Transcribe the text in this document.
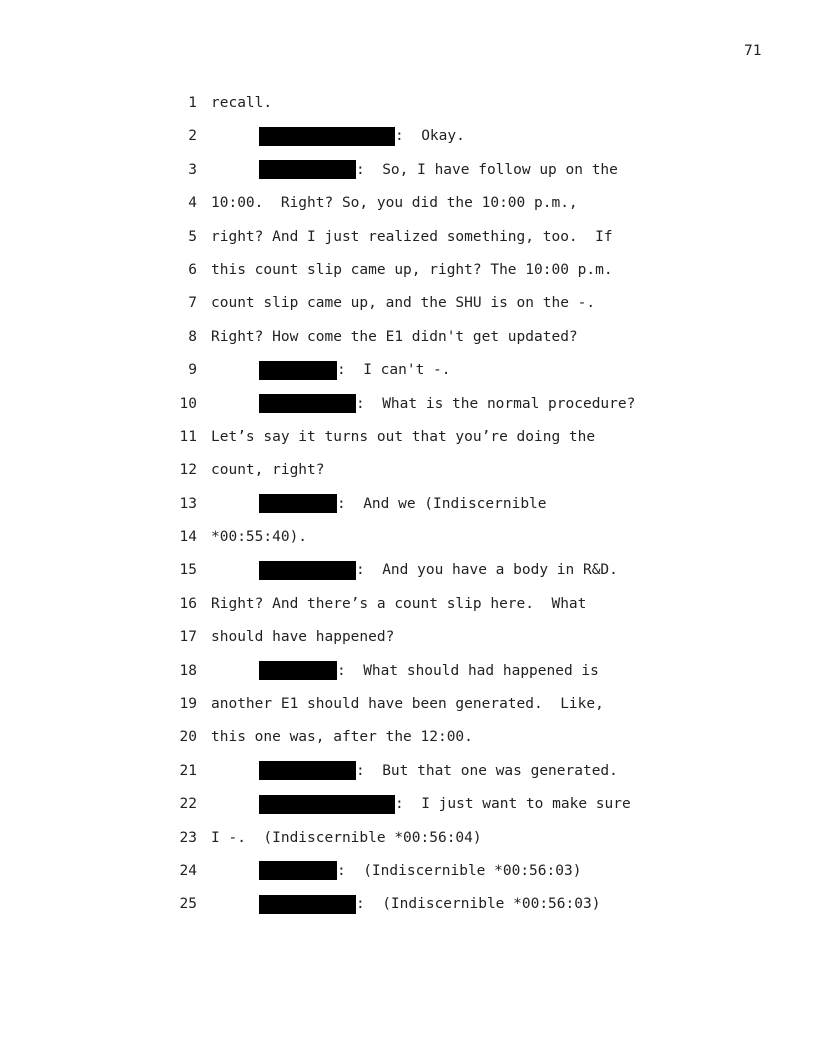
71
1 recall.
2	:  Okay.
3	:  So, I have follow up on the
4 10:00.  Right? So, you did the 10:00 p.m.,
5 right? And I just realized something, too.  If
6 this count slip came up, right? The 10:00 p.m.
7 count slip came up, and the SHU is on the -.
8 Right? How come the E1 didn't get updated?
9	:  I can't -.
10	:  What is the normal procedure?
11 Let’s say it turns out that you’re doing the
12 count, right?
13	:  And we (Indiscernible
14 *00:55:40).
15	:  And you have a body in R&D.
16 Right? And there’s a count slip here.  What
17 should have happened?
18	:  What should had happened is
19 another E1 should have been generated.  Like,
20 this one was, after the 12:00.
21	:  But that one was generated.
22	:  I just want to make sure
23 I -.  (Indiscernible *00:56:04)
24	:  (Indiscernible *00:56:03)
25	:  (Indiscernible *00:56:03)
